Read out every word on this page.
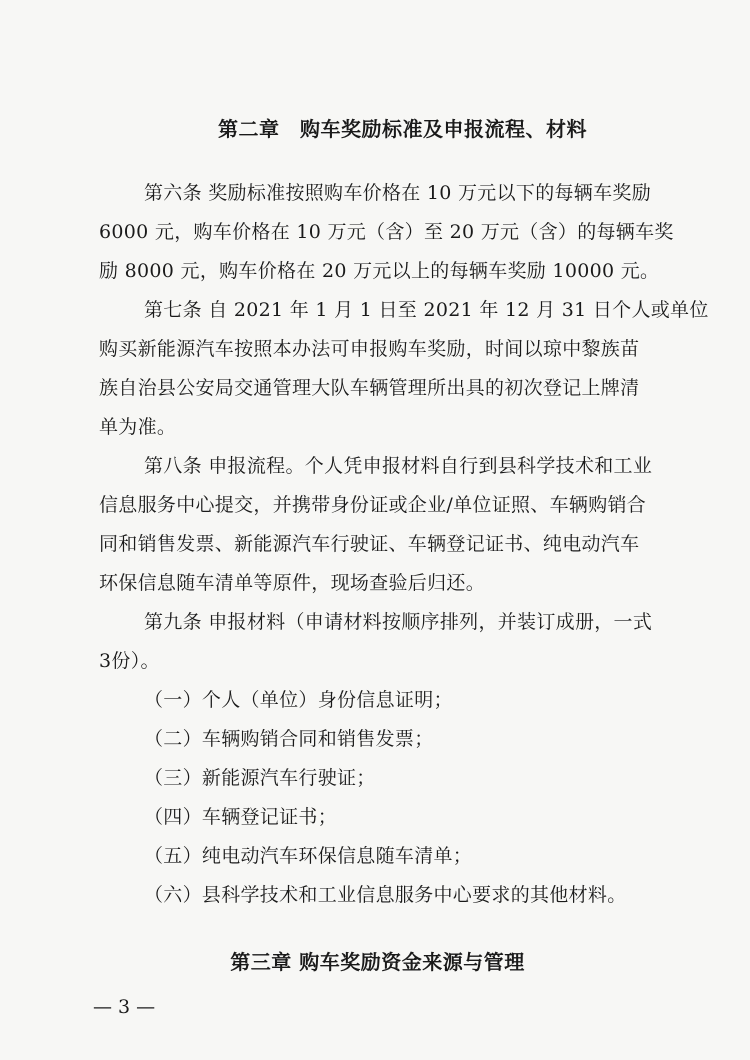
第二章　购车奖励标准及申报流程、材料
第六条 奖励标准按照购车价格在 10 万元以下的每辆车奖励
6000 元，购车价格在 10 万元（含）至 20 万元（含）的每辆车奖
励 8000 元，购车价格在 20 万元以上的每辆车奖励 10000 元。
第七条 自 2021 年 1 月 1 日至 2021 年 12 月 31 日个人或单位
购买新能源汽车按照本办法可申报购车奖励，时间以琼中黎族苗
族自治县公安局交通管理大队车辆管理所出具的初次登记上牌清
单为准。
第八条 申报流程。个人凭申报材料自行到县科学技术和工业
信息服务中心提交，并携带身份证或企业/单位证照、车辆购销合
同和销售发票、新能源汽车行驶证、车辆登记证书、纯电动汽车
环保信息随车清单等原件，现场查验后归还。
第九条 申报材料（申请材料按顺序排列，并装订成册，一式
3份）。
（一）个人（单位）身份信息证明；
（二）车辆购销合同和销售发票；
（三）新能源汽车行驶证；
（四）车辆登记证书；
（五）纯电动汽车环保信息随车清单；
（六）县科学技术和工业信息服务中心要求的其他材料。
第三章 购车奖励资金来源与管理
— 3 —
